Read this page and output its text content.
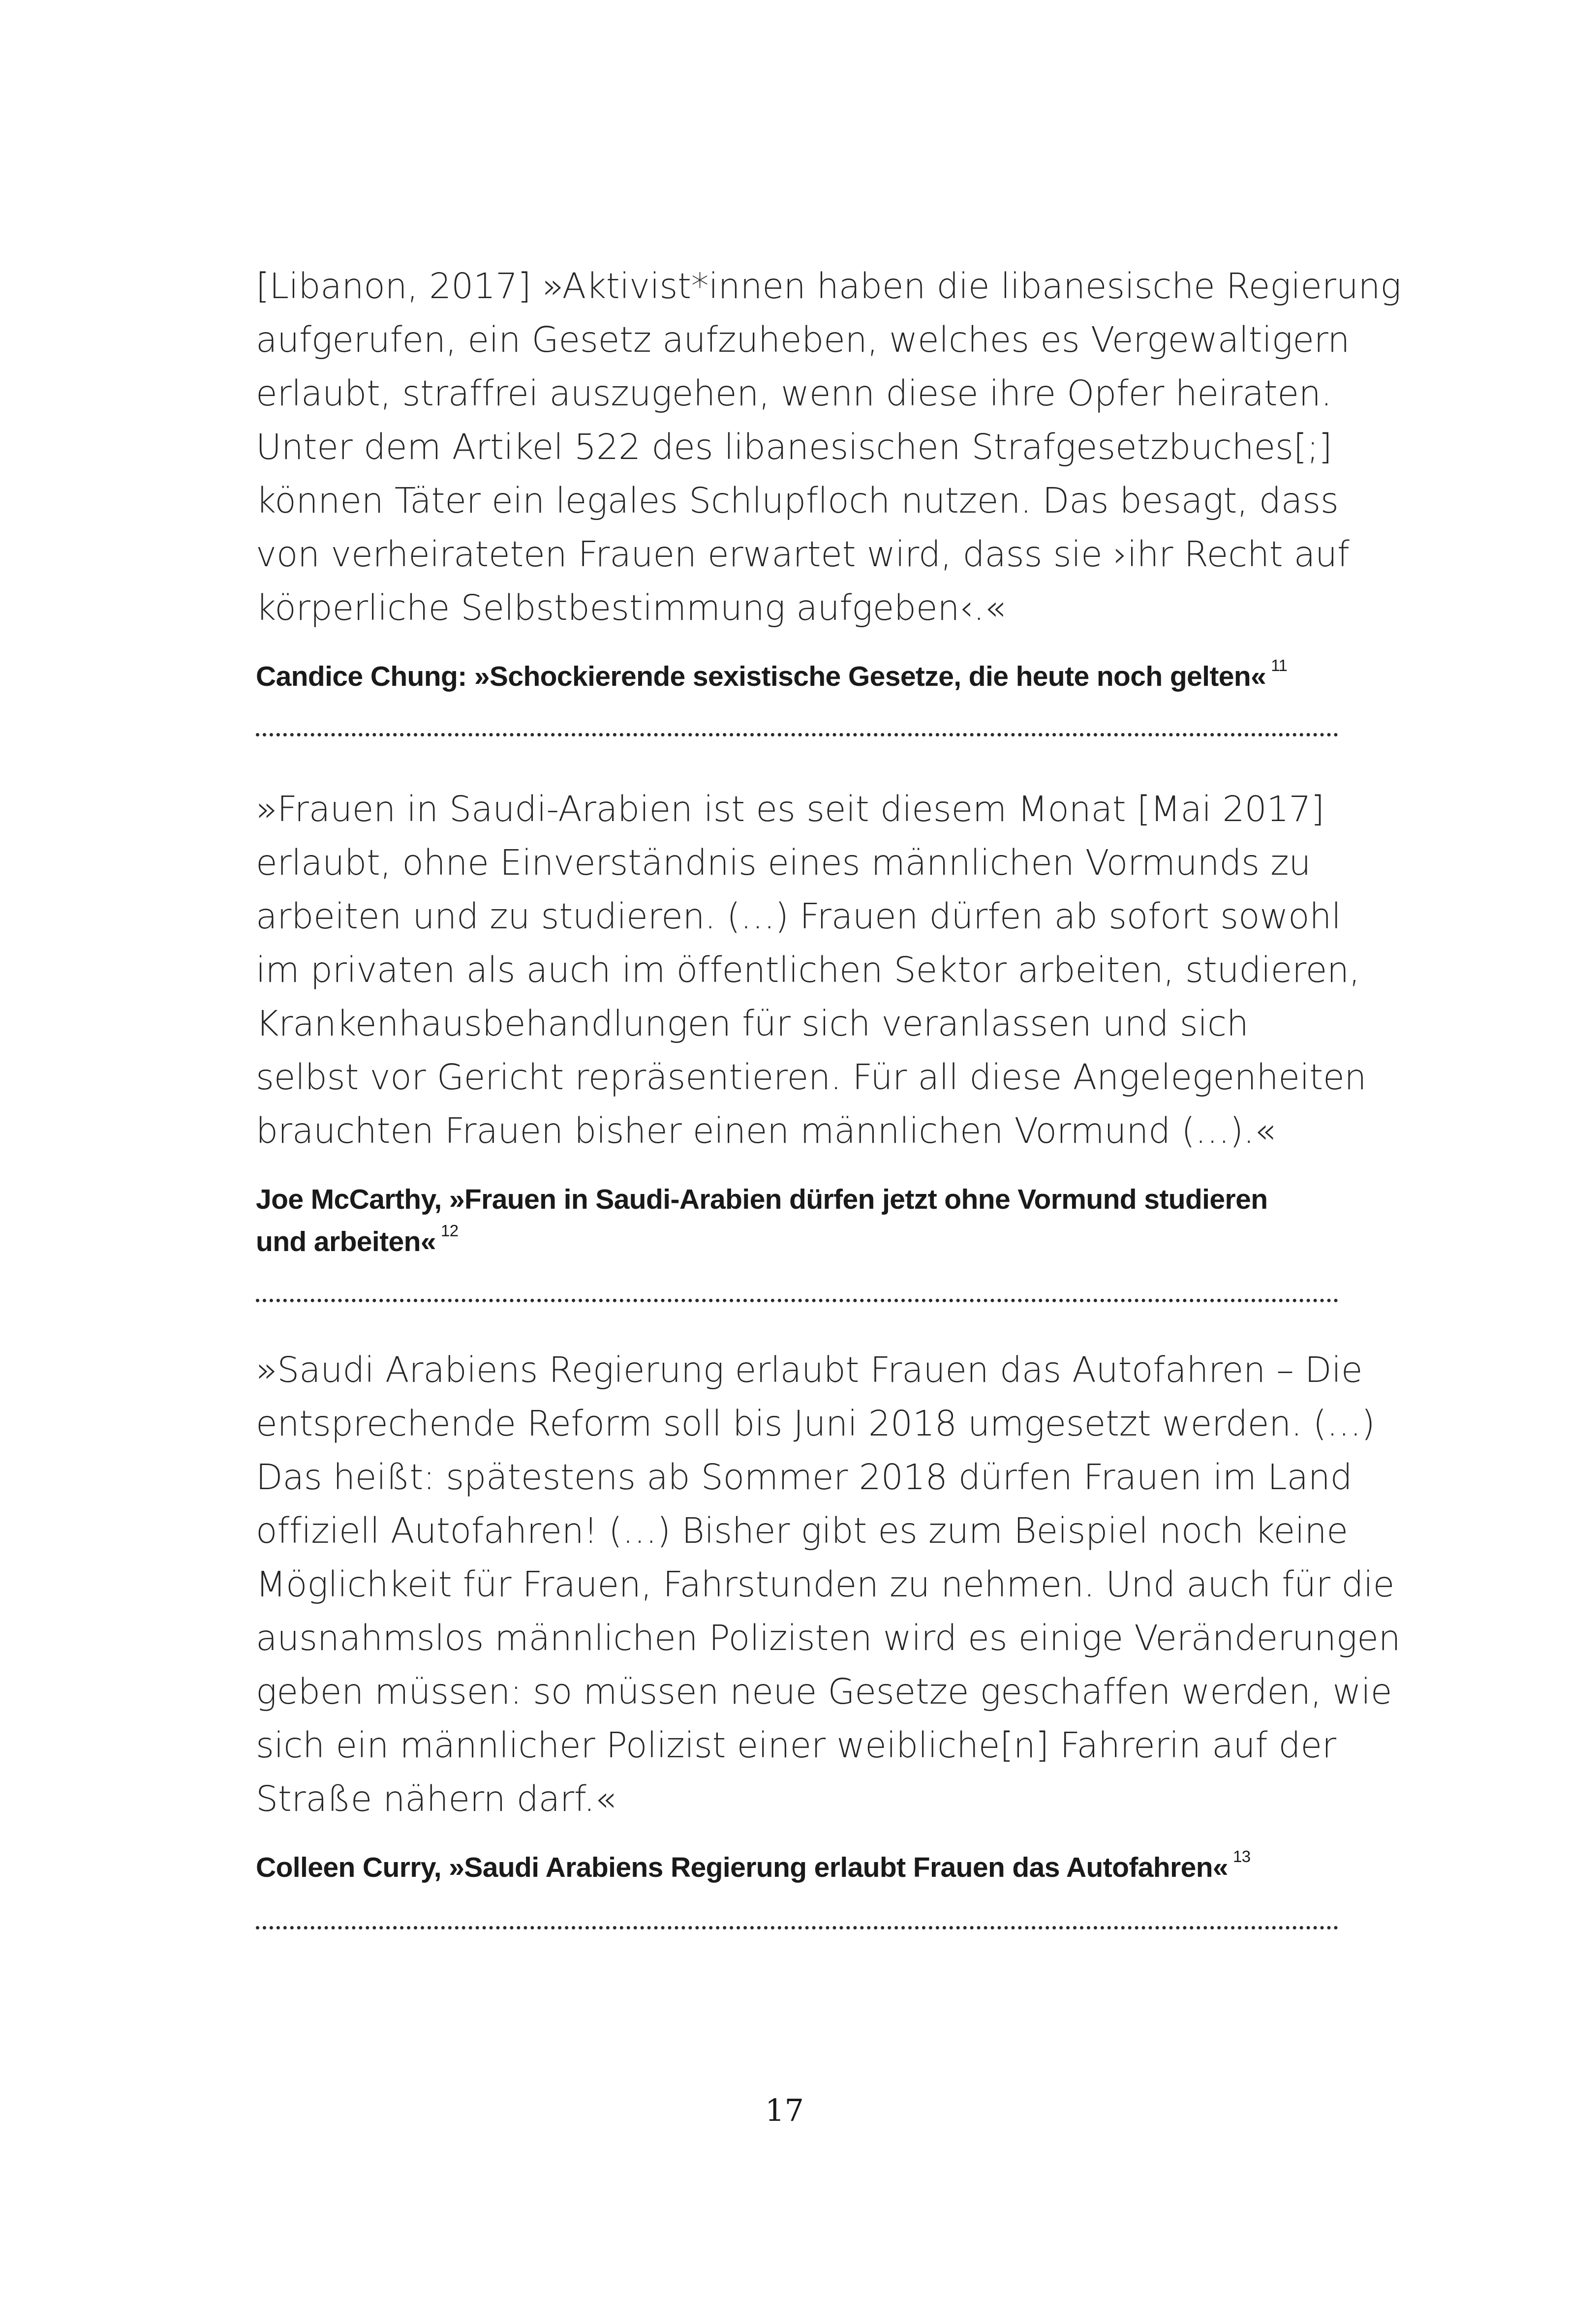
[Libanon, 2017] »Aktivist*innen haben die libanesische Regierung
aufgerufen, ein Gesetz aufzuheben, welches es Vergewaltigern
erlaubt, straffrei auszugehen, wenn diese ihre Opfer heiraten.
Unter dem Artikel 522 des libanesischen Strafgesetzbuches[;]
können Täter ein legales Schlupfloch nutzen. Das besagt, dass
von verheirateten Frauen erwartet wird, dass sie ›ihr Recht auf
körperliche Selbstbestimmung aufgeben‹.«

Candice Chung: »Schockierende sexistische Gesetze, die heute noch gelten« $^{11}$

»Frauen in Saudi-Arabien ist es seit diesem Monat [Mai 2017]
erlaubt, ohne Einverständnis eines männlichen Vormunds zu
arbeiten und zu studieren. (…) Frauen dürfen ab sofort sowohl
im privaten als auch im öffentlichen Sektor arbeiten, studieren,
Krankenhausbehandlungen für sich veranlassen und sich
selbst vor Gericht repräsentieren. Für all diese Angelegenheiten
brauchten Frauen bisher einen männlichen Vormund (…).«

Joe McCarthy, »Frauen in Saudi-Arabien dürfen jetzt ohne Vormund studieren
und arbeiten« $^{12}$

»Saudi Arabiens Regierung erlaubt Frauen das Autofahren – Die
entsprechende Reform soll bis Juni 2018 umgesetzt werden. (…)
Das heißt: spätestens ab Sommer 2018 dürfen Frauen im Land
offiziell Autofahren! (…) Bisher gibt es zum Beispiel noch keine
Möglichkeit für Frauen, Fahrstunden zu nehmen. Und auch für die
ausnahmslos männlichen Polizisten wird es einige Veränderungen
geben müssen: so müssen neue Gesetze geschaffen werden, wie
sich ein männlicher Polizist einer weibliche[n] Fahrerin auf der
Straße nähern darf.«

Colleen Curry, »Saudi Arabiens Regierung erlaubt Frauen das Autofahren« $^{13}$

17
